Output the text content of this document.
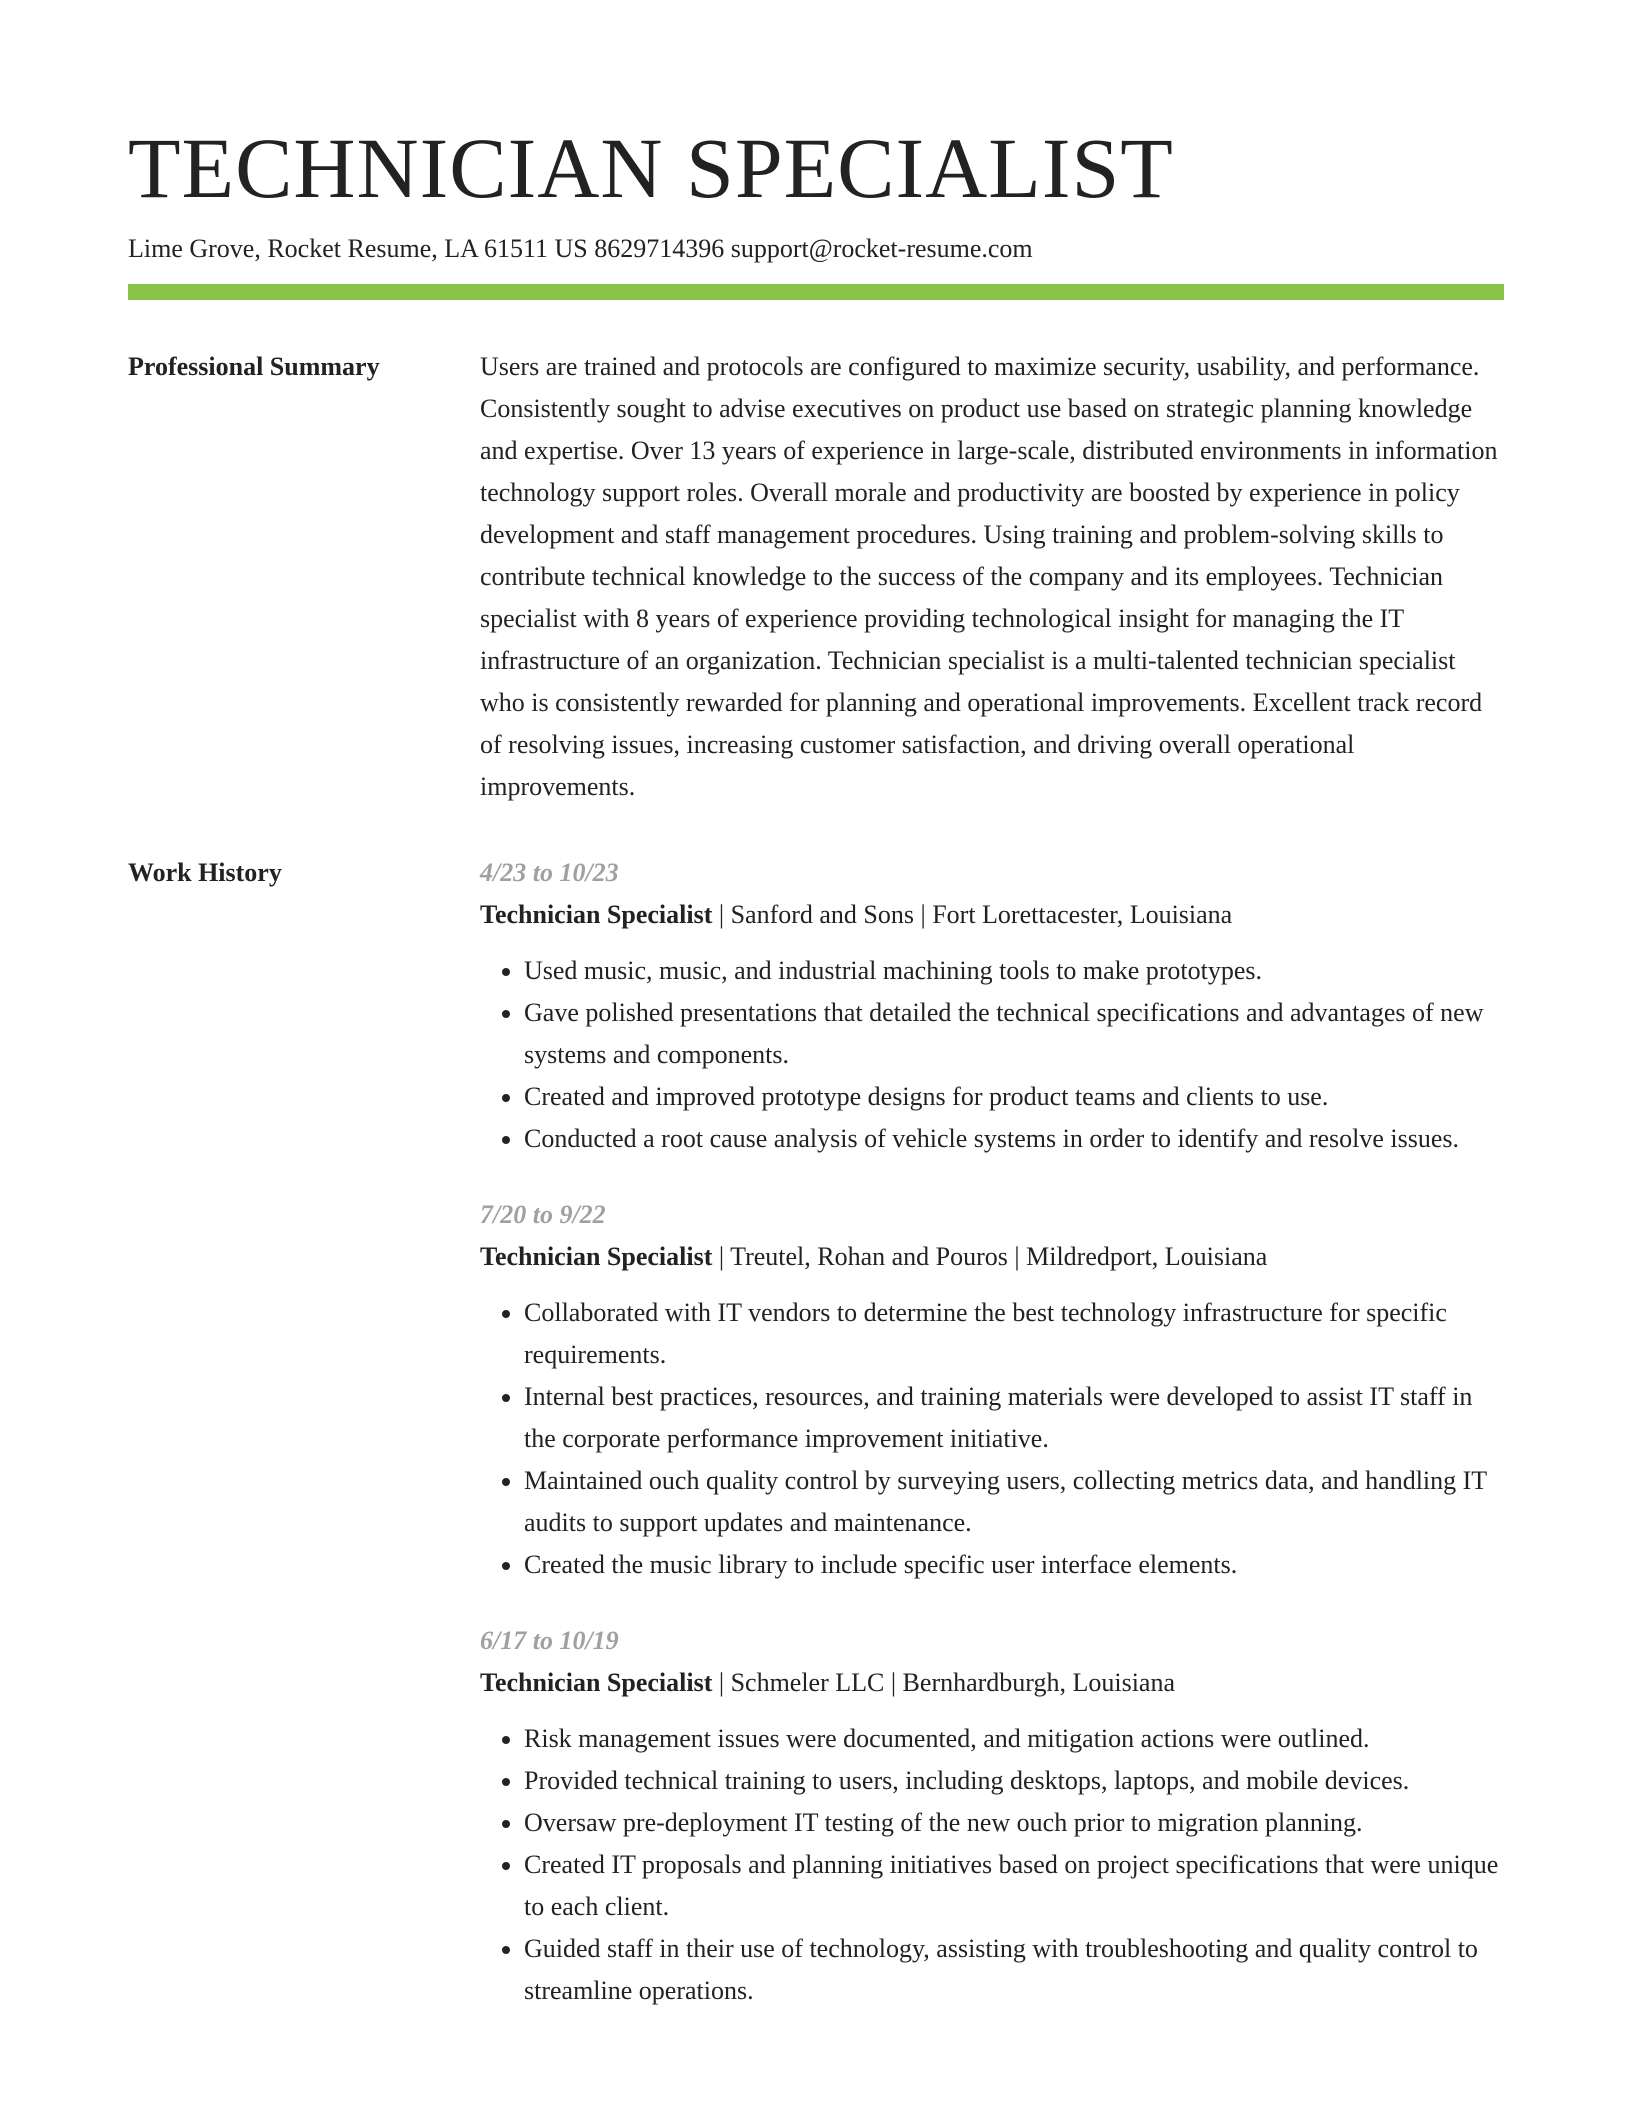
TECHNICIAN SPECIALIST
Lime Grove, Rocket Resume, LA 61511 US 8629714396 support@rocket-resume.com
Professional Summary	Users are trained and protocols are configured to maximize security, usability, and performance. Consistently sought to advise executives on product use based on strategic planning knowledge and expertise. Over 13 years of experience in large-scale, distributed environments in information technology support roles. Overall morale and productivity are boosted by experience in policy development and staff management procedures. Using training and problem-solving skills to contribute technical knowledge to the success of the company and its employees. Technician specialist with 8 years of experience providing technological insight for managing the IT infrastructure of an organization. Technician specialist is a multi-talented technician specialist who is consistently rewarded for planning and operational improvements. Excellent track record of resolving issues, increasing customer satisfaction, and driving overall operational improvements.

Work History	4/23 to 10/23
Technician Specialist | Sanford and Sons | Fort Lorettacester, Louisiana
• Used music, music, and industrial machining tools to make prototypes.
• Gave polished presentations that detailed the technical specifications and advantages of new systems and components.
• Created and improved prototype designs for product teams and clients to use.
• Conducted a root cause analysis of vehicle systems in order to identify and resolve issues.
7/20 to 9/22
Technician Specialist | Treutel, Rohan and Pouros | Mildredport, Louisiana
• Collaborated with IT vendors to determine the best technology infrastructure for specific requirements.
• Internal best practices, resources, and training materials were developed to assist IT staff in the corporate performance improvement initiative.
• Maintained ouch quality control by surveying users, collecting metrics data, and handling IT audits to support updates and maintenance.
• Created the music library to include specific user interface elements.
6/17 to 10/19
Technician Specialist | Schmeler LLC | Bernhardburgh, Louisiana
• Risk management issues were documented, and mitigation actions were outlined.
• Provided technical training to users, including desktops, laptops, and mobile devices.
• Oversaw pre-deployment IT testing of the new ouch prior to migration planning.
• Created IT proposals and planning initiatives based on project specifications that were unique to each client.
• Guided staff in their use of technology, assisting with troubleshooting and quality control to streamline operations.
